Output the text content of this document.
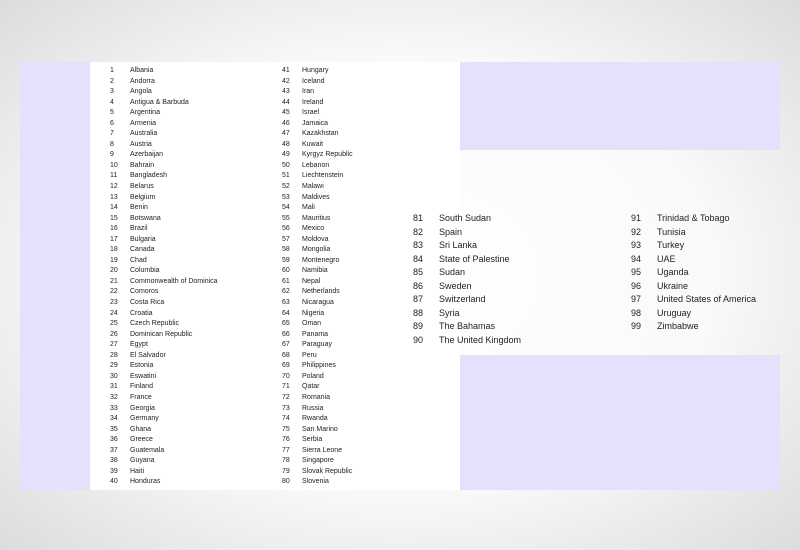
1	Albania
2	Andorra
3	Angola
4	Antigua & Barbuda
5	Argentina
6	Armenia
7	Australia
8	Austria
9	Azerbaijan
10	Bahrain
11	Bangladesh
12	Belarus
13	Belgium
14	Benin
15	Botswana
16	Brazil
17	Bulgaria
18	Canada
19	Chad
20	Columbia
21	Commonwealth of Dominica
22	Comoros
23	Costa Rica
24	Croatia
25	Czech Republic
26	Dominican Republic
27	Egypt
28	El Salvador
29	Estonia
30	Eswatini
31	Finland
32	France
33	Georgia
34	Germany
35	Ghana
36	Greece
37	Guatemala
38	Guyana
39	Haiti
40	Honduras
41	Hungary
42	Iceland
43	Iran
44	Ireland
45	Israel
46	Jamaica
47	Kazakhstan
48	Kuwait
49	Kyrgyz Republic
50	Lebanon
51	Liechtenstein
52	Malawi
53	Maldives
54	Mali
55	Mauritius
56	Mexico
57	Moldova
58	Mongolia
59	Montenegro
60	Namibia
61	Nepal
62	Netherlands
63	Nicaragua
64	Nigeria
65	Oman
66	Panama
67	Paraguay
68	Peru
69	Philippines
70	Poland
71	Qatar
72	Romania
73	Russia
74	Rwanda
75	San Marino
76	Serbia
77	Sierra Leone
78	Singapore
79	Slovak Republic
80	Slovenia
81	South Sudan
82	Spain
83	Sri Lanka
84	State of Palestine
85	Sudan
86	Sweden
87	Switzerland
88	Syria
89	The Bahamas
90	The United Kingdom
91	Trinidad & Tobago
92	Tunisia
93	Turkey
94	UAE
95	Uganda
96	Ukraine
97	United States of America
98	Uruguay
99	Zimbabwe
